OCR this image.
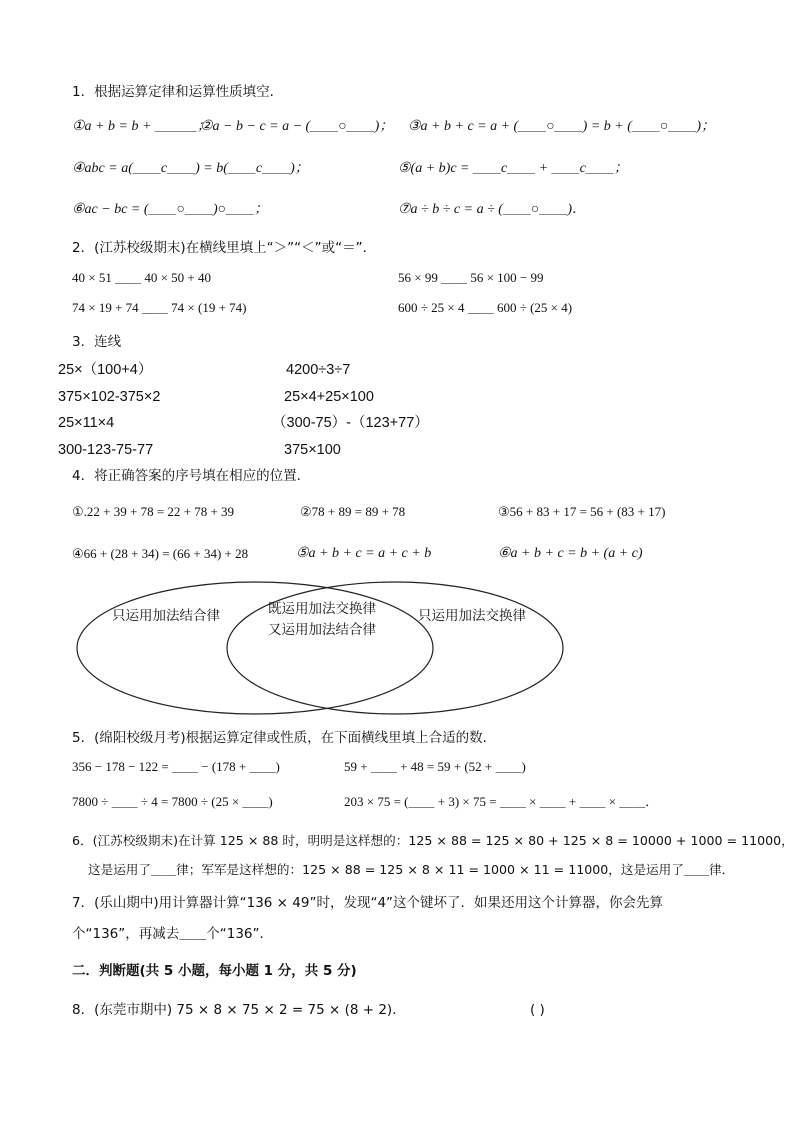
1．根据运算定律和运算性质填空．
①a + b = b + ＿＿＿；
②a − b − c = a − (＿＿○＿＿)； ③a + b + c = a + (＿＿○＿＿) = b + (＿＿○＿＿)；
④abc = a(＿＿c＿＿) = b(＿＿c＿＿)；	⑤(a + b)c = ＿＿c＿＿ + ＿＿c＿＿；
⑥ac − bc = (＿＿○＿＿)○＿＿；	⑦a ÷ b ÷ c = a ÷ (＿＿○＿＿)．
2．(江苏校级期末)在横线里填上“＞”“＜”或“＝”．
40 × 51 ＿＿ 40 × 50 + 40	56 × 99 ＿＿ 56 × 100 − 99
74 × 19 + 74 ＿＿ 74 × (19 + 74)	600 ÷ 25 × 4 ＿＿ 600 ÷ (25 × 4)
3．连线
25×（100+4）
375×102-375×2
25×11×4
300-123-75-77
4200÷3÷7
25×4+25×100
（300-75）-（123+77）
375×100
4．将正确答案的序号填在相应的位置．
①.22 + 39 + 78 = 22 + 78 + 39	②78 + 89 = 89 + 78	③56 + 83 + 17 = 56 + (83 + 17)
④66 + (28 + 34) = (66 + 34) + 28	⑤a + b + c = a + c + b	⑥a + b + c = b + (a + c)
只运用加法结合律	既运用加法交换律
又运用加法结合律
只运用加法交换律
5．(绵阳校级月考)根据运算定律或性质，在下面横线里填上合适的数．
356 − 178 − 122 = ＿＿ − (178 + ＿＿)	59 + ＿＿ + 48 = 59 + (52 + ＿＿)
7800 ÷ ＿＿ ÷ 4 = 7800 ÷ (25 × ＿＿)	203 × 75 = (＿＿ + 3) × 75 = ＿＿ × ＿＿ + ＿＿ × ＿＿．
6．(江苏校级期末)在计算 125 × 88 时，明明是这样想的：125 × 88 = 125 × 80 + 125 × 8 = 10000 + 1000 = 11000，
这是运用了＿＿律；军军是这样想的：125 × 88 = 125 × 8 × 11 = 1000 × 11 = 11000，这是运用了＿＿律．
7．(乐山期中)用计算器计算“136 × 49”时，发现“4”这个键坏了．如果还用这个计算器，你会先算
个“136”，再减去＿＿个“136”．
二．判断题(共 5 小题，每小题 1 分，共 5 分)
8．(东莞市期中) 75 × 8 × 75 × 2 = 75 × (8 + 2)．	( )
